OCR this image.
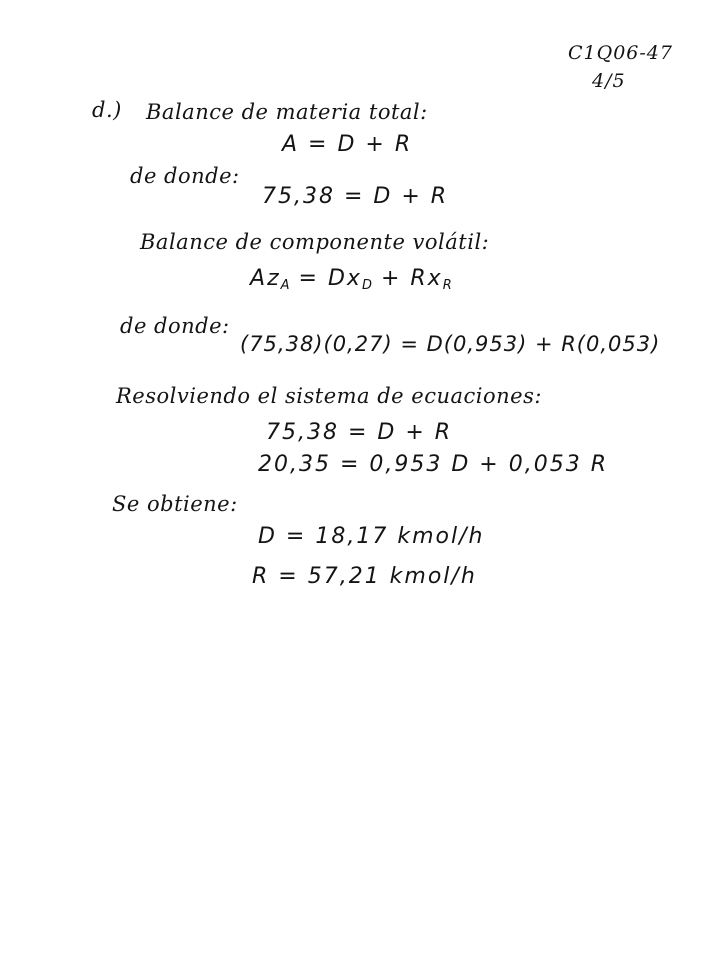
C1Q06-47
4/5
d.) Balance de materia total:
A = D + R
de donde:
75,38 = D + R
Balance de componente volátil:
$Az_A = Dx_D + Rx_R$
de donde:
(75,38)(0,27) = D(0,953) + R(0,053)
Resolviendo el sistema de ecuaciones:
75,38 = D + R
20,35 = 0,953 D + 0,053 R
Se obtiene:
D = 18,17 kmol/h
R = 57,21 kmol/h
